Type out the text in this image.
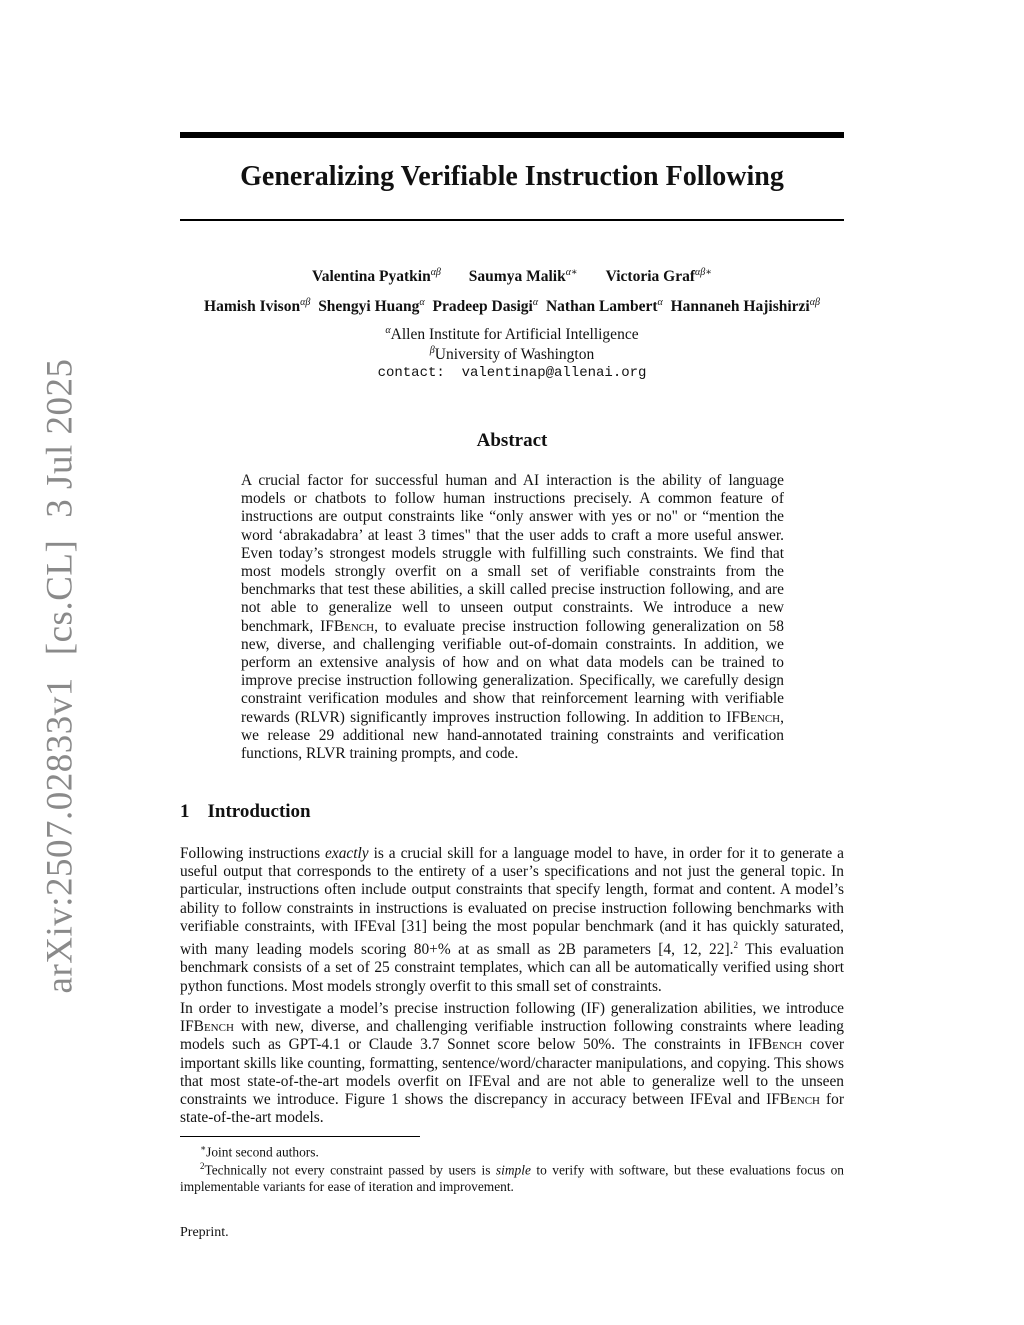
arXiv:2507.02833v1[cs.CL]3 Jul 2025
Generalizing Verifiable Instruction Following
Valentina Pyatkin$^{\alpha\beta}$ Saumya Malik$^{\alpha∗}$ Victoria Graf$^{\alpha\beta∗}$
Hamish Ivison$^{\alpha\beta}$ Shengyi Huang$^\alpha$ Pradeep Dasigi$^\alpha$ Nathan Lambert$^\alpha$ Hannaneh Hajishirzi$^{\alpha\beta}$
$^\alpha$Allen Institute for Artificial Intelligence
$^\beta$University of Washington
contact:  valentinap@allenai.org
Abstract

A crucial factor for successful human and AI interaction is the ability of language models or chatbots to follow human instructions precisely. A common feature of instructions are output constraints like “only answer with yes or no" or “mention the word ‘abrakadabra’ at least 3 times" that the user adds to craft a more useful answer. Even today’s strongest models struggle with fulfilling such constraints. We find that most models strongly overfit on a small set of verifiable constraints from the benchmarks that test these abilities, a skill called precise instruction following, and are not able to generalize well to unseen output constraints. We introduce a new benchmark, IFBench, to evaluate precise instruction following generalization on 58 new, diverse, and challenging verifiable out-of-domain constraints. In addition, we perform an extensive analysis of how and on what data models can be trained to improve precise instruction following generalization. Specifically, we carefully design constraint verification modules and show that reinforcement learning with verifiable rewards (RLVR) significantly improves instruction following. In addition to IFBench, we release 29 additional new hand-annotated training constraints and verification functions, RLVR training prompts, and code.

1 Introduction

Following instructions exactly is a crucial skill for a language model to have, in order for it to generate a useful output that corresponds to the entirety of a user’s specifications and not just the general topic. In particular, instructions often include output constraints that specify length, format and content. A model’s ability to follow constraints in instructions is evaluated on precise instruction following benchmarks with verifiable constraints, with IFEval [31] being the most popular benchmark (and it has quickly saturated, with many leading models scoring 80+% at as small as 2B parameters [4, 12, 22].$^2$ This evaluation benchmark consists of a set of 25 constraint templates, which can all be automatically verified using short python functions. Most models strongly overfit to this small set of constraints.

In order to investigate a model’s precise instruction following (IF) generalization abilities, we introduce IFBench with new, diverse, and challenging verifiable instruction following constraints where leading models such as GPT-4.1 or Claude 3.7 Sonnet score below 50%. The constraints in IFBench cover important skills like counting, formatting, sentence/word/character manipulations, and copying. This shows that most state-of-the-art models overfit on IFEval and are not able to generalize well to the unseen constraints we introduce. Figure 1 shows the discrepancy in accuracy between IFEval and IFBench for state-of-the-art models.

∗Joint second authors.

$^2$Technically not every constraint passed by users is simple to verify with software, but these evaluations focus on implementable variants for ease of iteration and improvement.

Preprint.
